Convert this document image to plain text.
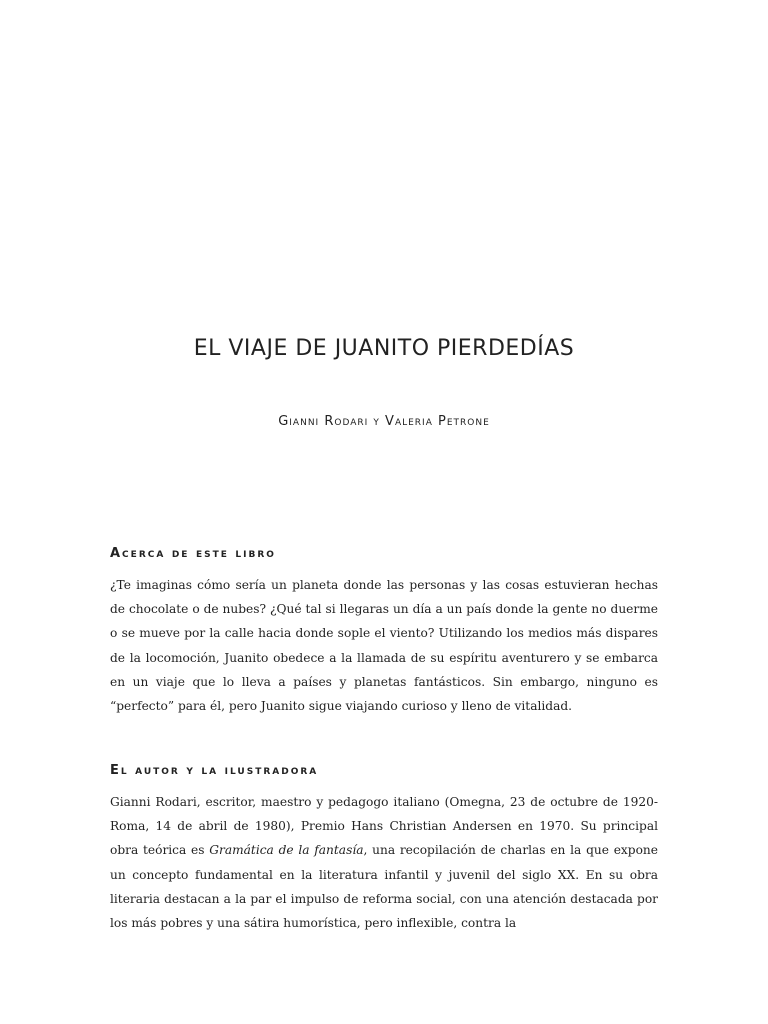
EL VIAJE DE JUANITO PIERDEDÍAS

Gianni Rodari y Valeria Petrone

Acerca de este libro

¿Te imaginas cómo sería un planeta donde las personas y las cosas estuvieran hechas de chocolate o de nubes? ¿Qué tal si llegaras un día a un país donde la gente no duerme o se mueve por la calle hacia donde sople el viento? Utilizando los medios más dispares de la locomoción, Juanito obedece a la llamada de su espíritu aventurero y se embarca en un viaje que lo lleva a países y planetas fantásticos. Sin embargo, ninguno es “perfecto” para él, pero Juanito sigue viajando curioso y lleno de vitalidad.

El autor y la ilustradora

Gianni Rodari, escritor, maestro y pedagogo italiano (Omegna, 23 de octubre de 1920- Roma, 14 de abril de 1980), Premio Hans Christian Andersen en 1970. Su principal obra teórica es Gramática de la fantasía, una recopilación de charlas en la que expone un concepto fundamental en la literatura infantil y juvenil del siglo XX. En su obra literaria destacan a la par el impulso de reforma social, con una atención destacada por los más pobres y una sátira humorística, pero inflexible, contra la
